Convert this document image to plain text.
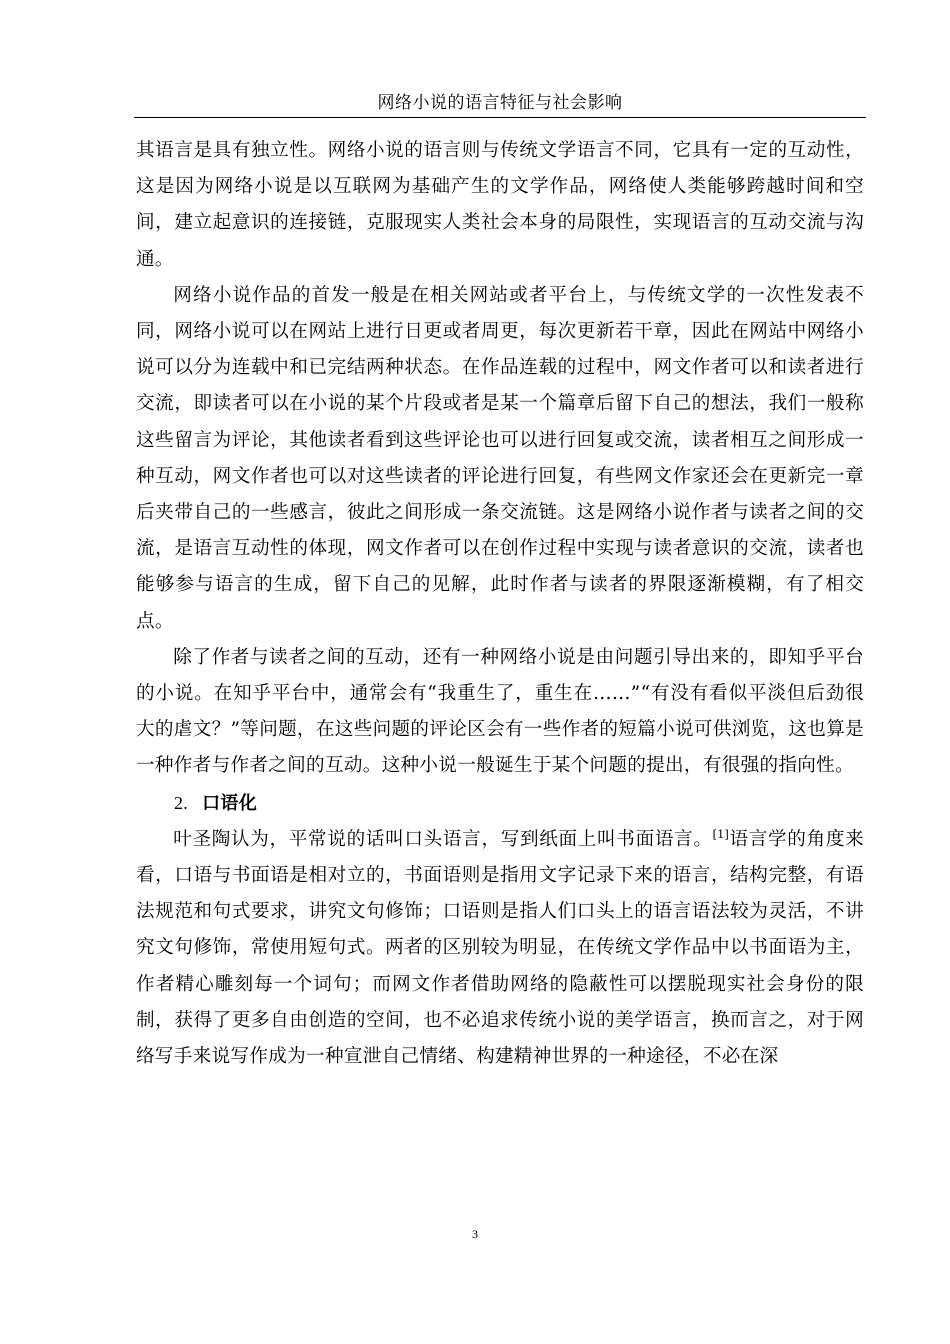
网络小说的语言特征与社会影响

其语言是具有独立性。网络小说的语言则与传统文学语言不同，它具有一定的互动性，这是因为网络小说是以互联网为基础产生的文学作品，网络使人类能够跨越时间和空间，建立起意识的连接链，克服现实人类社会本身的局限性，实现语言的互动交流与沟通。

网络小说作品的首发一般是在相关网站或者平台上，与传统文学的一次性发表不同，网络小说可以在网站上进行日更或者周更，每次更新若干章，因此在网站中网络小说可以分为连载中和已完结两种状态。在作品连载的过程中，网文作者可以和读者进行交流，即读者可以在小说的某个片段或者是某一个篇章后留下自己的想法，我们一般称这些留言为评论，其他读者看到这些评论也可以进行回复或交流，读者相互之间形成一种互动，网文作者也可以对这些读者的评论进行回复，有些网文作家还会在更新完一章后夹带自己的一些感言，彼此之间形成一条交流链。这是网络小说作者与读者之间的交流，是语言互动性的体现，网文作者可以在创作过程中实现与读者意识的交流，读者也能够参与语言的生成，留下自己的见解，此时作者与读者的界限逐渐模糊，有了相交点。

除了作者与读者之间的互动，还有一种网络小说是由问题引导出来的，即知乎平台的小说。在知乎平台中，通常会有“我重生了，重生在……”“有没有看似平淡但后劲很大的虐文？”等问题，在这些问题的评论区会有一些作者的短篇小说可供浏览，这也算是一种作者与作者之间的互动。这种小说一般诞生于某个问题的提出，有很强的指向性。

2. 口语化

叶圣陶认为，平常说的话叫口头语言，写到纸面上叫书面语言。[1]语言学的角度来看，口语与书面语是相对立的，书面语则是指用文字记录下来的语言，结构完整，有语法规范和句式要求，讲究文句修饰；口语则是指人们口头上的语言语法较为灵活，不讲究文句修饰，常使用短句式。两者的区别较为明显，在传统文学作品中以书面语为主，作者精心雕刻每一个词句；而网文作者借助网络的隐蔽性可以摆脱现实社会身份的限制，获得了更多自由创造的空间，也不必追求传统小说的美学语言，换而言之，对于网络写手来说写作成为一种宣泄自己情绪、构建精神世界的一种途径，不必在深

3
